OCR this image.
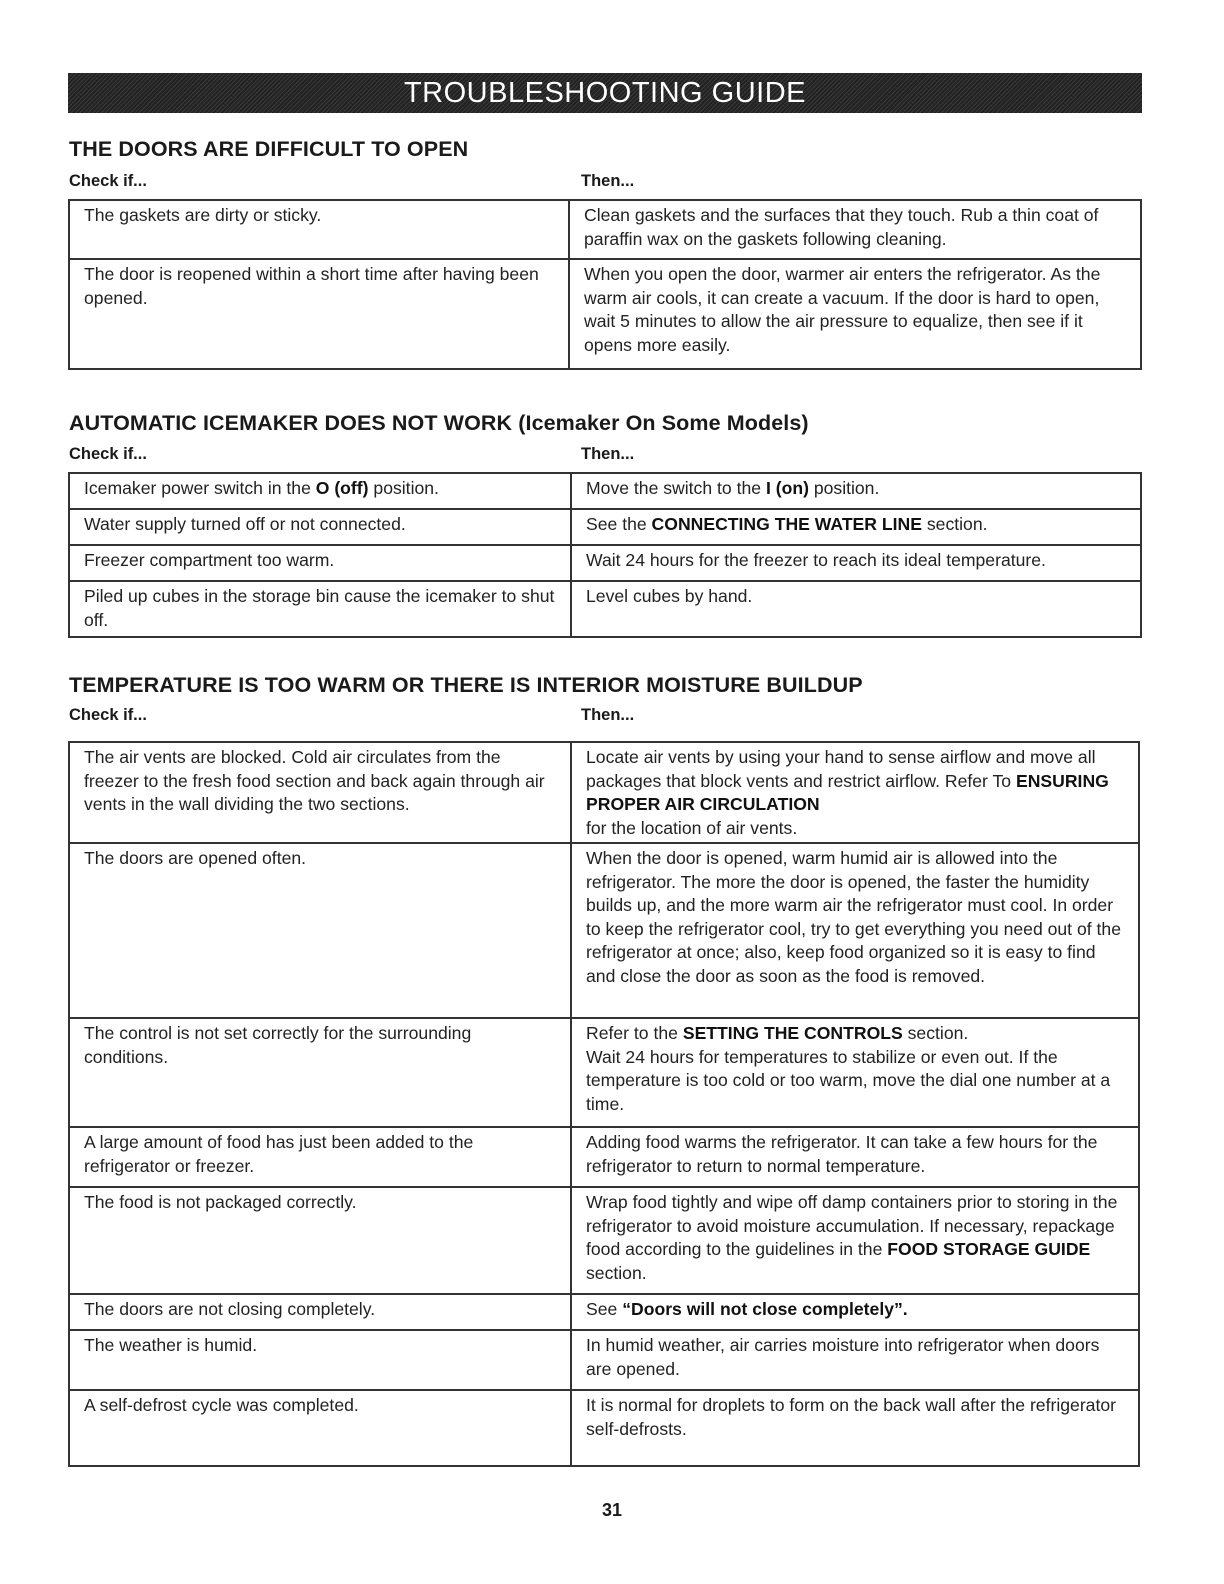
TROUBLESHOOTING GUIDE
THE DOORS ARE DIFFICULT TO OPEN
Check if...	Then...
The gaskets are dirty or sticky.	Clean gaskets and the surfaces that they touch. Rub a thin coat of paraffin wax on the gaskets following cleaning.
The door is reopened within a short time after having been opened.	When you open the door, warmer air enters the refrigerator. As the warm air cools, it can create a vacuum. If the door is hard to open, wait 5 minutes to allow the air pressure to equalize, then see if it opens more easily.
AUTOMATIC ICEMAKER DOES NOT WORK (Icemaker On Some Models)
Check if...	Then...
Icemaker power switch in the O (off) position.	Move the switch to the I (on) position.
Water supply turned off or not connected.	See the CONNECTING THE WATER LINE section.
Freezer compartment too warm.	Wait 24 hours for the freezer to reach its ideal temperature.
Piled up cubes in the storage bin cause the icemaker to shut off.	Level cubes by hand.
TEMPERATURE IS TOO WARM OR THERE IS INTERIOR MOISTURE BUILDUP
Check if...	Then...
The air vents are blocked. Cold air circulates from the freezer to the fresh food section and back again through air vents in the wall dividing the two sections.	Locate air vents by using your hand to sense airflow and move all packages that block vents and restrict airflow. Refer To ENSURING PROPER AIR CIRCULATION
for the location of air vents.
The doors are opened often.	When the door is opened, warm humid air is allowed into the refrigerator. The more the door is opened, the faster the humidity builds up, and the more warm air the refrigerator must cool. In order to keep the refrigerator cool, try to get everything you need out of the refrigerator at once; also, keep food organized so it is easy to find and close the door as soon as the food is removed.
The control is not set correctly for the surrounding conditions.	Refer to the SETTING THE CONTROLS section.
Wait 24 hours for temperatures to stabilize or even out. If the temperature is too cold or too warm, move the dial one number at a time.
A large amount of food has just been added to the refrigerator or freezer.	Adding food warms the refrigerator. It can take a few hours for the refrigerator to return to normal temperature.
The food is not packaged correctly.	Wrap food tightly and wipe off damp containers prior to storing in the refrigerator to avoid moisture accumulation. If necessary, repackage food according to the guidelines in the FOOD STORAGE GUIDE section.
The doors are not closing completely.	See “Doors will not close completely”.
The weather is humid.	In humid weather, air carries moisture into refrigerator when doors are opened.
A self-defrost cycle was completed.	It is normal for droplets to form on the back wall after the refrigerator self-defrosts.
31
